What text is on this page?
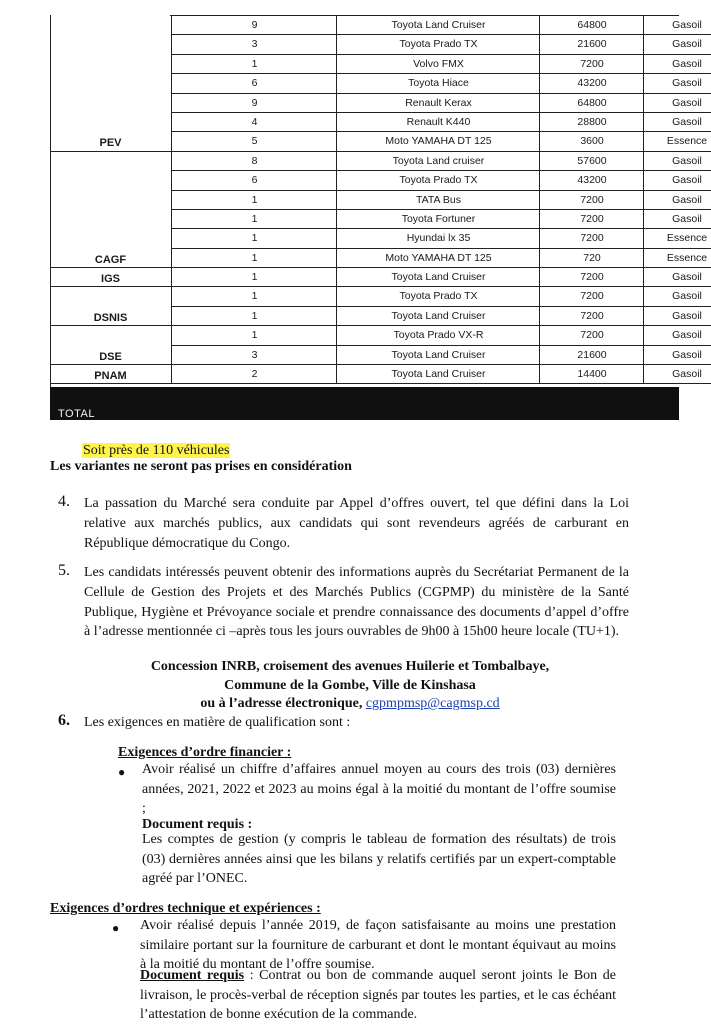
9	Toyota Land Cruiser	64800	Gasoil
3	Toyota Prado TX	21600	Gasoil
1	Volvo FMX	7200	Gasoil
6	Toyota Hiace	43200	Gasoil
9	Renault Kerax	64800	Gasoil
4	Renault K440	28800	Gasoil
PEV	5	Moto YAMAHA DT 125	3600	Essence
8	Toyota Land cruiser	57600	Gasoil
6	Toyota Prado TX	43200	Gasoil
1	TATA Bus	7200	Gasoil
1	Toyota Fortuner	7200	Gasoil
1	Hyundai lx 35	7200	Essence
CAGF	1	Moto YAMAHA DT 125	720	Essence
IGS	1	Toyota Land Cruiser	7200	Gasoil
1	Toyota Prado TX	7200	Gasoil
DSNIS	1	Toyota Land Cruiser	7200	Gasoil
1	Toyota Prado VX-R	7200	Gasoil
DSE	3	Toyota Land Cruiser	21600	Gasoil
PNAM	2	Toyota Land Cruiser	14400	Gasoil
TOTAL
Soit près de 110 véhicules
Les variantes ne seront pas prises en considération
4. La passation du Marché sera conduite par Appel d’offres ouvert, tel que défini dans la Loi relative aux marchés publics, aux candidats qui sont revendeurs agréés de carburant en République démocratique du Congo.
5. Les candidats intéressés peuvent obtenir des informations auprès du Secrétariat Permanent de la Cellule de Gestion des Projets et des Marchés Publics (CGPMP) du ministère de la Santé Publique, Hygiène et Prévoyance sociale et prendre connaissance des documents d’appel d’offre à l’adresse mentionnée ci –après tous les jours ouvrables de 9h00 à 15h00 heure locale (TU+1).
Concession INRB, croisement des avenues Huilerie et Tombalbaye,
Commune de la Gombe, Ville de Kinshasa
ou à l’adresse électronique, cgpmpmsp@cagmsp.cd
6. Les exigences en matière de qualification sont :
Exigences d’ordre financier :
● Avoir réalisé un chiffre d’affaires annuel moyen au cours des trois (03) dernières années, 2021, 2022 et 2023 au moins égal à la moitié du montant de l’offre soumise ;
Document requis :
Les comptes de gestion (y compris le tableau de formation des résultats) de trois (03) dernières années ainsi que les bilans y relatifs certifiés par un expert-comptable agréé par l’ONEC.
Exigences d’ordres technique et expériences :
● Avoir réalisé depuis l’année 2019, de façon satisfaisante au moins une prestation similaire portant sur la fourniture de carburant et dont le montant équivaut au moins à la moitié du montant de l’offre soumise.
Document requis : Contrat ou bon de commande auquel seront joints le Bon de livraison, le procès-verbal de réception signés par toutes les parties, et le cas échéant l’attestation de bonne exécution de la commande.
